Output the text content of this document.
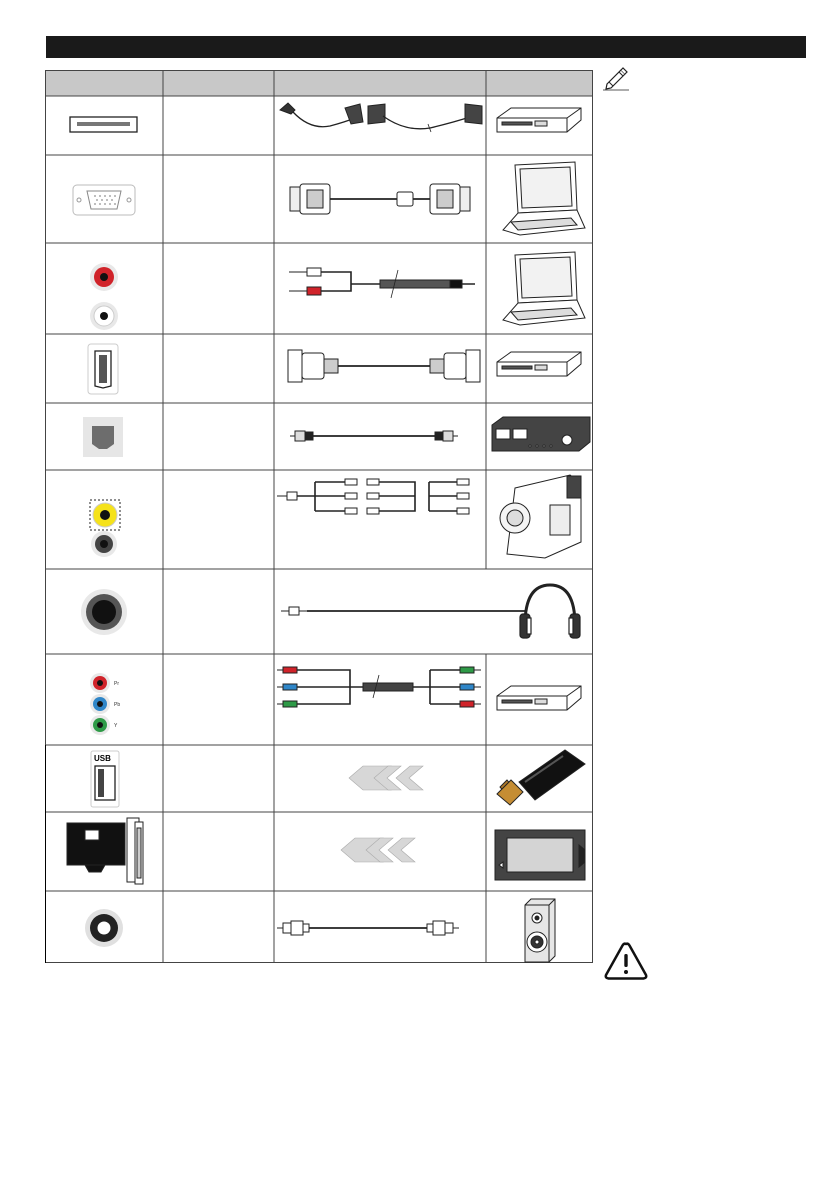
Pr
Pb
Y
USB
